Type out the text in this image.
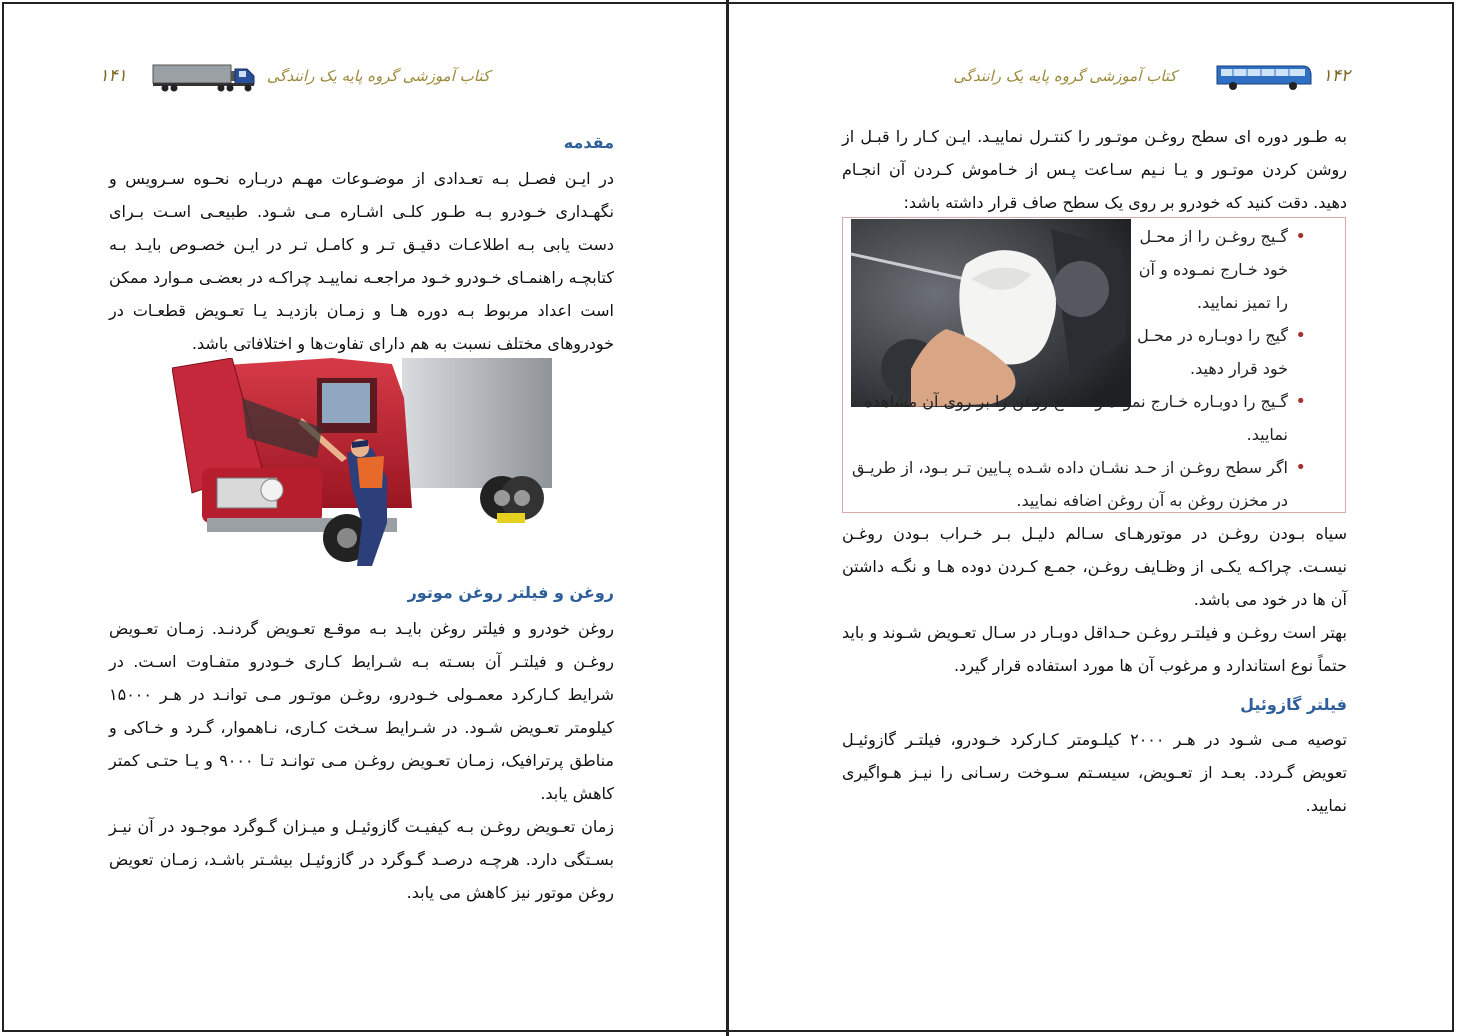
کتاب آموزشی گروه پایه یک رانندگی
۱۴۱
مقدمه

در ایـن فصـل بـه تعـدادی از موضـوعات مهـم دربـاره نحـوه سـرویس و نگهـداری خـودرو بـه طـور کلـی اشـاره مـی شـود. طبیعـی اسـت بـرای دست یابی بـه اطلاعـات دقیـق تـر و کامـل تـر در ایـن خصـوص بایـد بـه کتابچـه راهنمـای خـودرو خـود مراجعـه نماییـد چراکـه در بعضـی مـوارد ممکن است اعداد مربوط بـه دوره هـا و زمـان بازدیـد یـا تعـویض قطعـات در خودروهای مختلف نسبت به هم دارای تفاوت‌ها و اختلافاتی باشد.

روغن و فیلتر روغن موتور

روغن خودرو و فیلتر روغن بایـد بـه موقـع تعـویض گردنـد. زمـان تعـویض روغـن و فیلتـر آن بسـته بـه شـرایط کـاری خـودرو متفـاوت اسـت. در شرایط کـارکرد معمـولی خـودرو، روغـن موتـور مـی توانـد در هـر ۱۵۰۰۰ کیلومتر تعـویض شـود. در شـرایط سـخت کـاری، نـاهموار، گـرد و خـاکی و مناطق پرترافیک، زمـان تعـویض روغـن مـی توانـد تـا ۹۰۰۰ و یـا حتـی کمتر کاهش یابد.

زمان تعـویض روغـن بـه کیفیـت گازوئیـل و میـزان گـوگرد موجـود در آن نیـز بسـتگی دارد. هرچـه درصـد گـوگرد در گازوئیـل بیشـتر باشـد، زمـان تعویض روغن موتور نیز کاهش می یابد.

۱۴۲
کتاب آموزشی گروه پایه یک رانندگی

به طـور دوره ای سطح روغـن موتـور را کنتـرل نماییـد. ایـن کـار را قبـل از روشن کردن موتـور و یـا نـیم سـاعت پـس از خـاموش کـردن آن انجـام دهید. دقت کنید که خودرو بر روی یک سطح صاف قرار داشته باشد:

• گـیج روغـن را از محـل خود خـارج نمـوده و آن را تمیز نمایید.
• گیج را دوبـاره در محـل خود قرار دهید.
• گـیج را دوبـاره خـارج نموده و سطح روغن را بر روی آن مشاهده نمایید.
• اگر سطح روغـن از حـد نشـان داده شـده پـایین تـر بـود، از طریـق در مخزن روغن به آن روغن اضافه نمایید.

سیاه بـودن روغـن در موتورهـای سـالم دلیـل بـر خـراب بـودن روغـن نیسـت. چراکـه یکـی از وظـایف روغـن، جمـع کـردن دوده هـا و نگـه داشتن آن ها در خود می باشد.

بهتر است روغـن و فیلتـر روغـن حـداقل دوبـار در سـال تعـویض شـوند و باید حتماً نوع استاندارد و مرغوب آن ها مورد استفاده قرار گیرد.

فیلتر گازوئیل

توصیه مـی شـود در هـر ۲۰۰۰ کیلـومتر کـارکرد خـودرو، فیلتـر گازوئیـل تعویض گـردد. بعـد از تعـویض، سیسـتم سـوخت رسـانی را نیـز هـواگیری نمایید.
